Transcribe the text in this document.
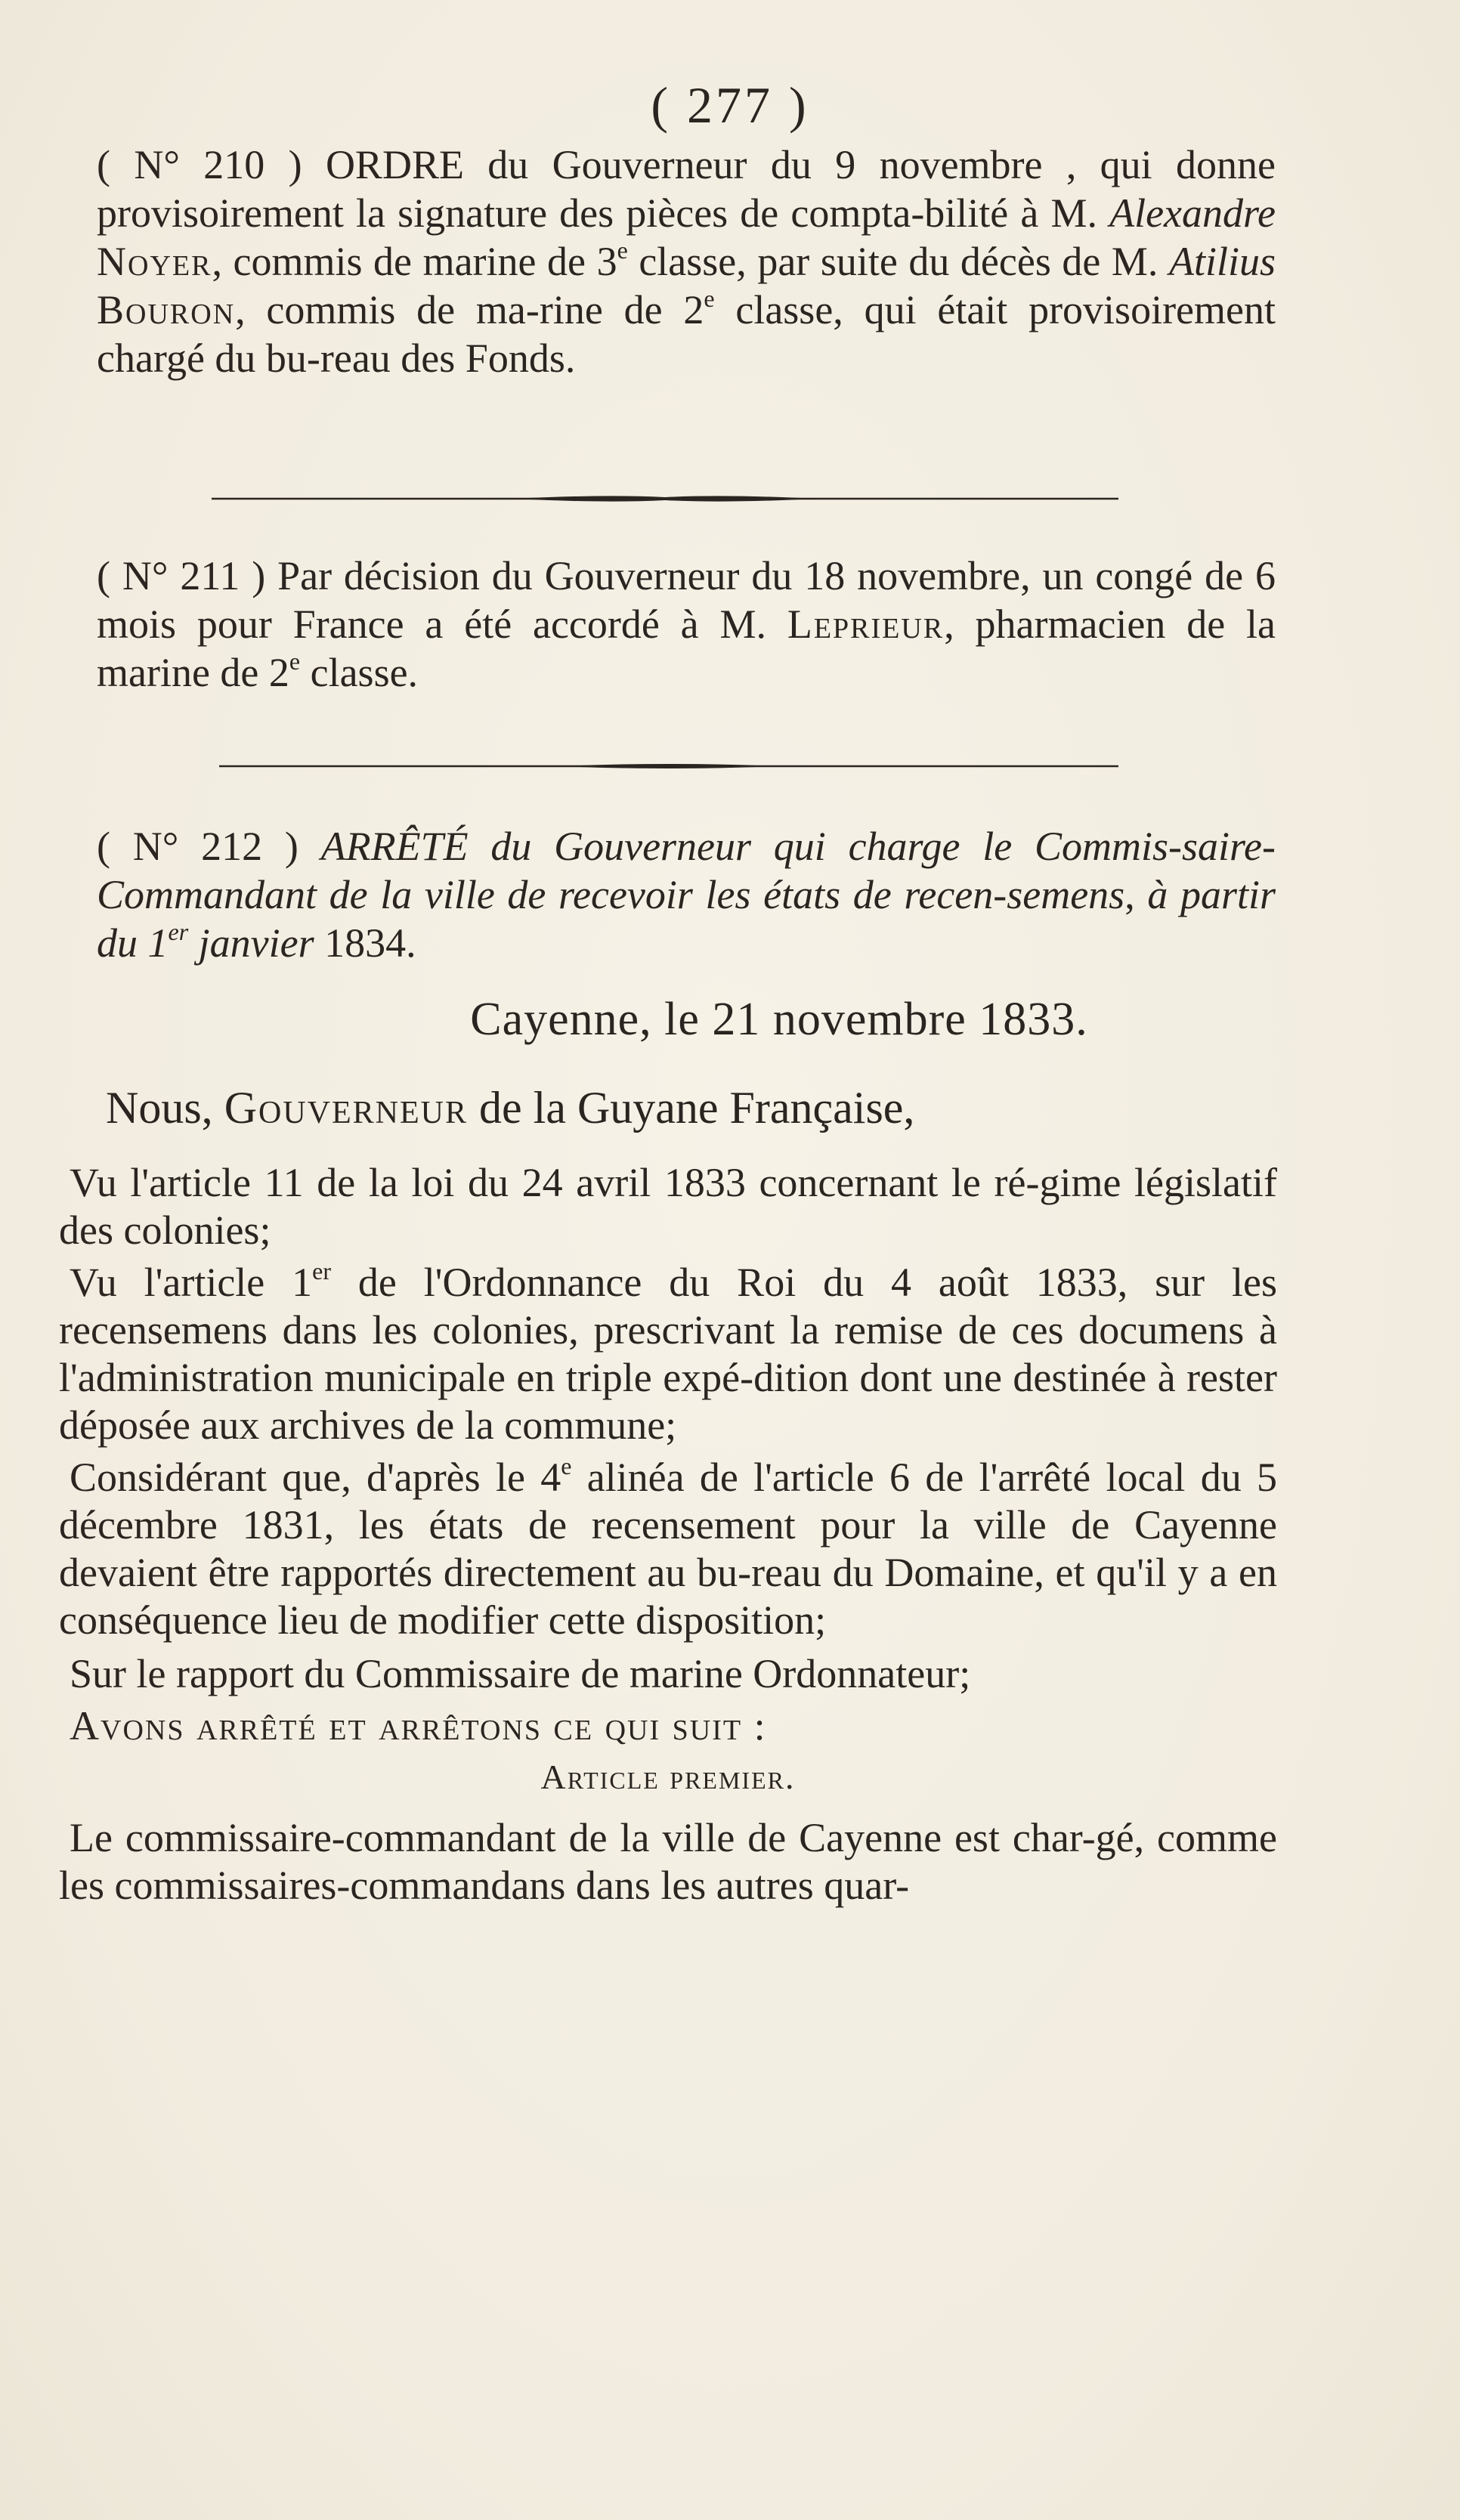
( 277 )
( N° 210 ) ORDRE du Gouverneur du 9 novembre , qui donne provisoirement la signature des pièces de compta-bilité à M. Alexandre Noyer, commis de marine de 3e classe, par suite du décès de M. Atilius Bouron, commis de ma-rine de 2e classe, qui était provisoirement chargé du bu-reau des Fonds.
( N° 211 ) Par décision du Gouverneur du 18 novembre, un congé de 6 mois pour France a été accordé à M. Leprieur, pharmacien de la marine de 2e classe.
( N° 212 ) ARRÊTÉ du Gouverneur qui charge le Commis-saire-Commandant de la ville de recevoir les états de recen-semens, à partir du 1er janvier 1834.
Cayenne, le 21 novembre 1833.
Nous, Gouverneur de la Guyane Française,

Vu l'article 11 de la loi du 24 avril 1833 concernant le ré-gime législatif des colonies;

Vu l'article 1er de l'Ordonnance du Roi du 4 août 1833, sur les recensemens dans les colonies, prescrivant la remise de ces documens à l'administration municipale en triple expé-dition dont une destinée à rester déposée aux archives de la commune;

Considérant que, d'après le 4e alinéa de l'article 6 de l'arrêté local du 5 décembre 1831, les états de recensement pour la ville de Cayenne devaient être rapportés directement au bu-reau du Domaine, et qu'il y a en conséquence lieu de modifier cette disposition;

Sur le rapport du Commissaire de marine Ordonnateur;

Avons arrêté et arrêtons ce qui suit :

Article premier.

Le commissaire-commandant de la ville de Cayenne est char-gé, comme les commissaires-commandans dans les autres quar-
